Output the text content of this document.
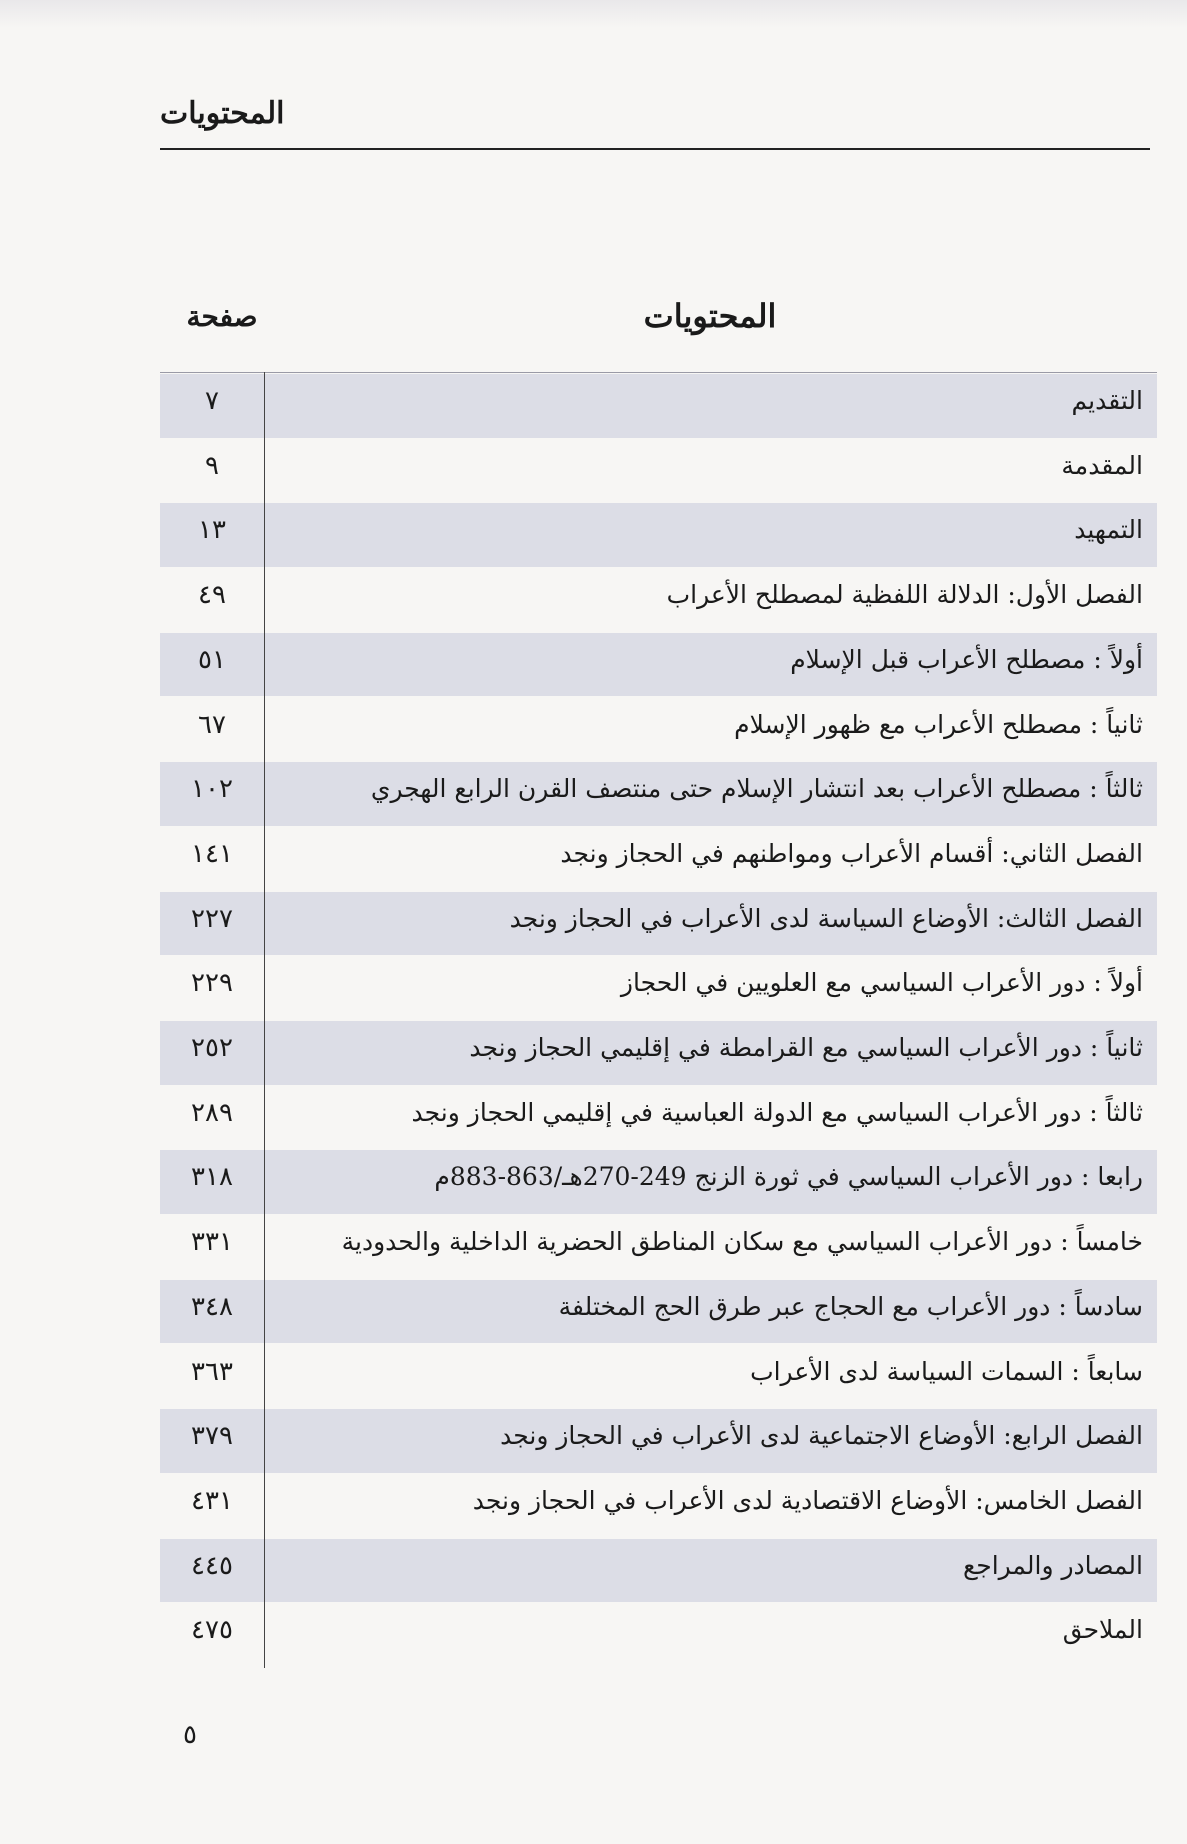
المحتويات
صفحة	المحتويات
التقديم
٧
المقدمة
٩
التمهيد
١٣
الفصل الأول: الدلالة اللفظية لمصطلح الأعراب
٤٩
أولاً : مصطلح الأعراب قبل الإسلام
٥١
ثانياً : مصطلح الأعراب مع ظهور الإسلام
٦٧
ثالثاً : مصطلح الأعراب بعد انتشار الإسلام حتى منتصف القرن الرابع الهجري
١٠٢
الفصل الثاني: أقسام الأعراب ومواطنهم في الحجاز ونجد
١٤١
الفصل الثالث: الأوضاع السياسة لدى الأعراب في الحجاز ونجد
٢٢٧
أولاً : دور الأعراب السياسي مع العلويين في الحجاز
٢٢٩
ثانياً : دور الأعراب السياسي مع القرامطة في إقليمي الحجاز ونجد
٢٥٢
ثالثاً : دور الأعراب السياسي مع الدولة العباسية في إقليمي الحجاز ونجد
٢٨٩
رابعا : دور الأعراب السياسي في ثورة الزنج 249-270هـ/863-883م
٣١٨
خامساً : دور الأعراب السياسي مع سكان المناطق الحضرية الداخلية والحدودية
٣٣١
سادساً : دور الأعراب مع الحجاج عبر طرق الحج المختلفة
٣٤٨
سابعاً : السمات السياسة لدى الأعراب
٣٦٣
الفصل الرابع: الأوضاع الاجتماعية لدى الأعراب في الحجاز ونجد
٣٧٩
الفصل الخامس: الأوضاع الاقتصادية لدى الأعراب في الحجاز ونجد
٤٣١
المصادر والمراجع
٤٤٥
الملاحق
٤٧٥
٥
